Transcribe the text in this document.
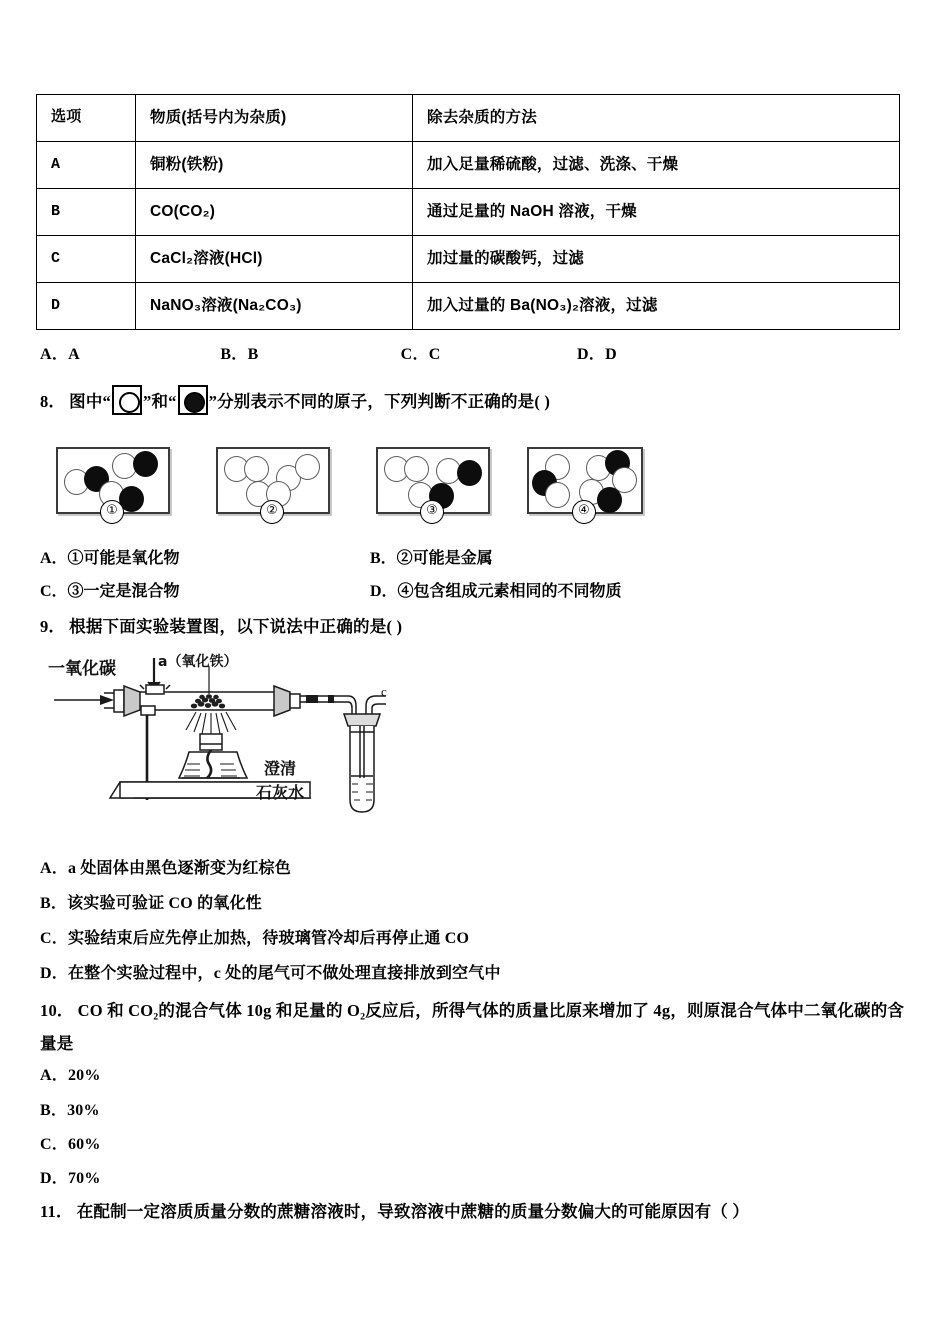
选项	物质(括号内为杂质)	除去杂质的方法
A	铜粉(铁粉)	加入足量稀硫酸，过滤、洗涤、干燥
B	CO(CO₂)	通过足量的 NaOH 溶液，干燥
C	CaCl₂溶液(HCl)	加过量的碳酸钙，过滤
D	NaNO₃溶液(Na₂CO₃)	加入过量的 Ba(NO₃)₂溶液，过滤
A．A	B．B	C．C	D．D
8． 图中“ ”和“ ”分别表示不同的原子，下列判断不正确的是( )
①	②	③	④
A．①可能是氧化物	B．②可能是金属
C．③一定是混合物	D．④包含组成元素相同的不同物质
9． 根据下面实验装置图，以下说法中正确的是( )
一氧化碳	a（氧化铁）
c
澄清
石灰水
A．a 处固体由黑色逐渐变为红棕色
B．该实验可验证 CO 的氧化性
C．实验结束后应先停止加热，待玻璃管冷却后再停止通 CO
D．在整个实验过程中，c 处的尾气可不做处理直接排放到空气中
10． CO 和 CO₂的混合气体 10g 和足量的 O₂反应后，所得气体的质量比原来增加了 4g，则原混合气体中二氧化碳的含
量是
A．20%
B．30%
C．60%
D．70%
11． 在配制一定溶质质量分数的蔗糖溶液时，导致溶液中蔗糖的质量分数偏大的可能原因有（ ）
